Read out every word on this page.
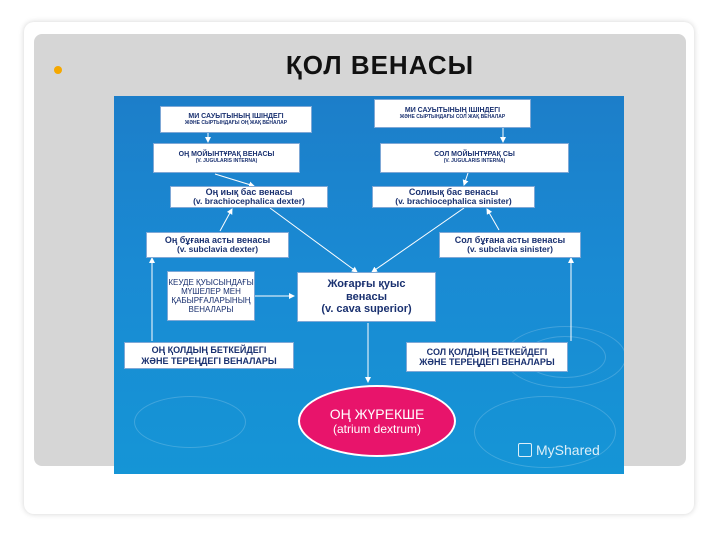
ҚОЛ ВЕНАСЫ
МИ САУЫТЫНЫҢ ІШІНДЕГІ
ЖӘНЕ СЫРТЫНДАҒЫ ОҢ ЖАҚ ВЕНАЛАР
МИ САУЫТЫНЫҢ ІШІНДЕГІ
ЖӘНЕ СЫРТЫНДАҒЫ СОЛ ЖАҚ ВЕНАЛАР
ОҢ МОЙЫНТҰРАҚ ВЕНАСЫ
(V. JUGULARIS INTERNA)
СОЛ МОЙЫНТҰРАҚ СЫ
(V. JUGULARIS INTERNA)
Оң иық бас венасы
(v. brachiocephalica dexter)
Солиық бас венасы
(v. brachiocephalica sinister)
Оң бұғана асты венасы
(v. subclavia dexter)
Сол бұғана асты венасы
(v. subclavia sinister)
КЕУДЕ ҚУЫСЫНДАҒЫ
МҮШЕЛЕР МЕН
ҚАБЫРҒАЛАРЫНЫҢ
ВЕНАЛАРЫ
Жоғарғы қуыс
венасы
(v. cava superior)
ОҢ ҚОЛДЫҢ БЕТКЕЙДЕГІ
ЖӘНЕ ТЕРЕҢДЕГІ ВЕНАЛАРЫ
СОЛ ҚОЛДЫҢ БЕТКЕЙДЕГІ
ЖӘНЕ ТЕРЕҢДЕГІ ВЕНАЛАРЫ
ОҢ ЖҮРЕКШЕ
(atrium dextrum)
MyShared
